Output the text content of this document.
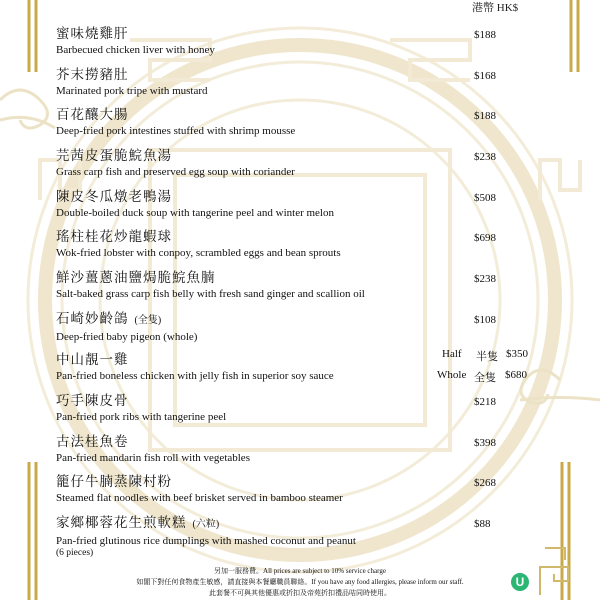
港幣 HK$
蜜味燒雞肝
Barbecued chicken liver with honey
$188
芥末撈豬肚
Marinated pork tripe with mustard
$168
百花釀大腸
Deep-fried pork intestines stuffed with shrimp mousse
$188
芫茜皮蛋脆鯇魚湯
Grass carp fish and preserved egg soup with coriander
$238
陳皮冬瓜燉老鴨湯
Double-boiled duck soup with tangerine peel and winter melon
$508
瑤柱桂花炒龍蝦球
Wok-fried lobster with conpoy, scrambled eggs and bean sprouts
$698
鮮沙薑蔥油鹽焗脆鯇魚腩
Salt-baked grass carp fish belly with fresh sand ginger and scallion oil
$238
石崎妙齡鴿 (全隻)
Deep-fried baby pigeon (whole)
$108
中山靚一雞
Pan-fried boneless chicken with jelly fish in superior soy sauce
Half 半隻 $350
Whole 全隻 $680
巧手陳皮骨
Pan-fried pork ribs with tangerine peel
$218
古法桂魚卷
Pan-fried mandarin fish roll with vegetables
$398
籠仔牛腩蒸陳村粉
Steamed flat noodles with beef brisket served in bamboo steamer
$268
家鄉椰蓉花生煎軟糕 (六粒)
Pan-fried glutinous rice dumplings with mashed coconut and peanut
(6 pieces)
$88
另加一服務費。All prices are subject to 10% service charge
如閣下對任何食物產生敏感，請直接與本餐廳職員聯絡。If you have any food allergies, please inform our staff.
此套餐不可與其他優惠或折扣及帝苑折扣禮品咭同時使用。
U
